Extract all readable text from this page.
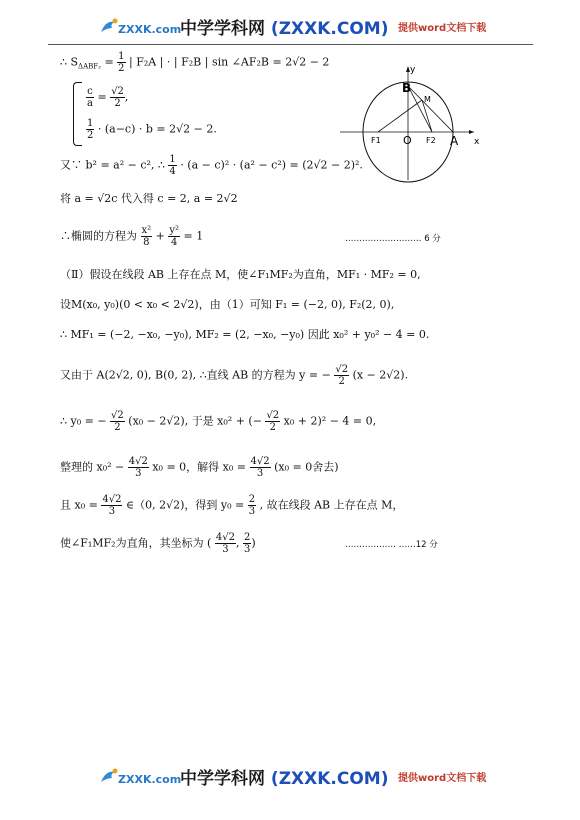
ZXXK.com
中学学科网 (ZXXK.COM) 提供word文档下载
∴ $S_{\Delta ABF_2} = \frac{1}{2}$ | F₂A | · | F₂B | sin ∠AF₂B = 2√2 − 2
$\frac{c}{a} = \frac{√2}{2}$ ,
$\frac{1}{2} \cdot (a-c) \cdot b = 2√2 - 2$.
又∵ b² = a² − c², ∴ $\frac{1}{4} \cdot (a - c)^2 \cdot (a^2 - c^2) = (2√2 - 2)^2$.
将 a = √2c 代入得 c = 2, a = 2√2
∴椭圆的方程为 $\frac{\text{x²}}{8} + \frac{\text{y²}}{4} = 1$	……………………… 6 分
（Ⅱ）假设在线段 AB 上存在点 M，使∠F₁MF₂为直角，MF₁ · MF₂ = 0,
设M(x₀, y₀)(0 < x₀ < 2√2)，由（1）可知 F₁ = (−2, 0), F₂(2, 0),
∴ MF₁ = (−2, −x₀, −y₀), MF₂ = (2, −x₀, −y₀) 因此 x₀² + y₀² − 4 = 0.
又由于 A(2√2, 0), B(0, 2), ∴直线 AB 的方程为 y = − $\frac{√2}{2} (x - 2√2)$.
∴ y₀ = − $\frac{√2}{2} (x_0 - 2√2)$, 于是 x₀² + (− $\frac{√2}{2} x_0 + 2)^2 - 4 = 0$,
整理的 $x_0^2 - \frac{4√2}{3} x_0 = 0$，解得 $x_0 = \frac{4√2}{3} (x_0 = 0$舍去)
且 $x_0 = \frac{4√2}{3}$ ∈（0, 2√2)，得到 $y_0 = \frac{2}{3}$ , 故在线段 AB 上存在点 M，
使∠F₁MF₂为直角，其坐标为 ( $\frac{4√2}{3}$ , $\frac{2}{3}$ )	……………… ……12 分
y
x
B
M
F1 O F2 A
ZXXK.com
中学学科网 (ZXXK.COM) 提供word文档下载
